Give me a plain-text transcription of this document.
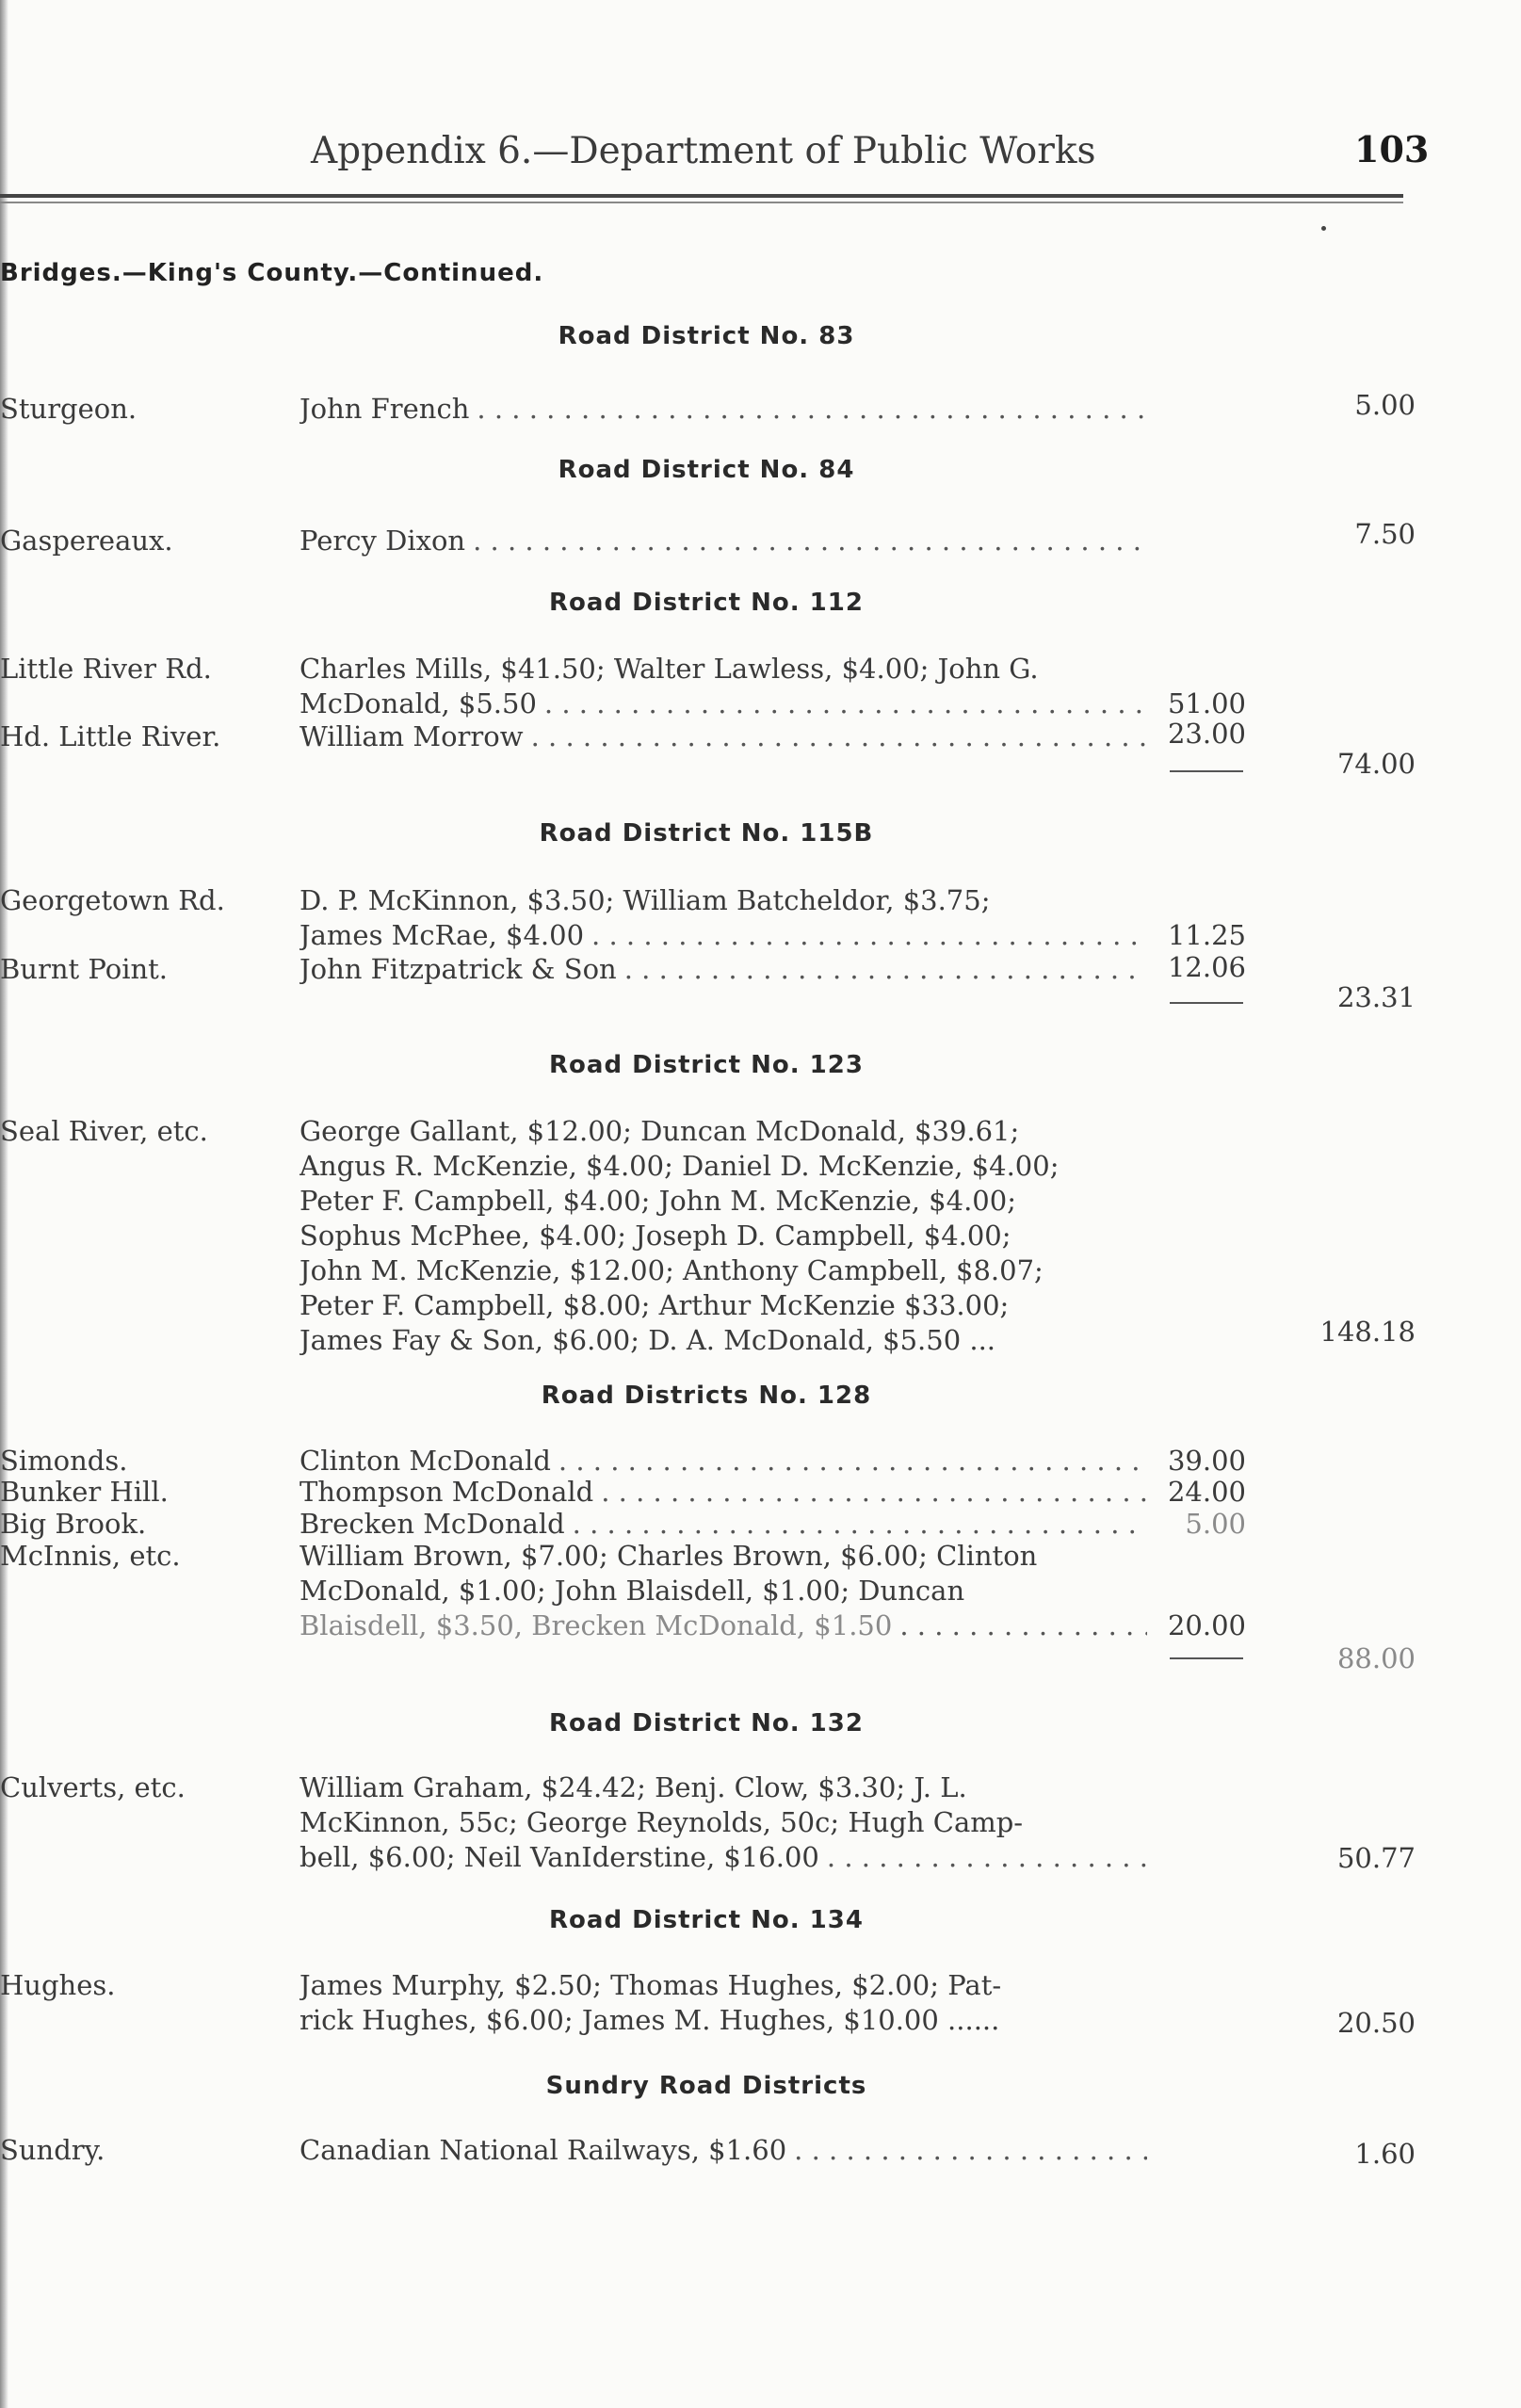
Appendix 6.—Department of Public Works	103
Bridges.—King's County.—Continued.
Road District No. 83
Sturgeon.	John French . . .	5.00
Road District No. 84
Gaspereaux.	Percy Dixon . . .	7.50
Road District No. 112
Little River Rd.	Charles Mills, $41.50; Walter Lawless, $4.00; John G.
McDonald, $5.50 . . .	51.00
Hd. Little River.	William Morrow . . .	23.00
74.00
Road District No. 115B
Georgetown Rd.	D. P. McKinnon, $3.50; William Batcheldor, $3.75;
James McRae, $4.00 . . .	11.25
Burnt Point.	John Fitzpatrick & Son . . .	12.06
23.31
Road District No. 123
Seal River, etc.	George Gallant, $12.00; Duncan McDonald, $39.61;
Angus R. McKenzie, $4.00; Daniel D. McKenzie, $4.00;
Peter F. Campbell, $4.00; John M. McKenzie, $4.00;
Sophus McPhee, $4.00; Joseph D. Campbell, $4.00;
John M. McKenzie, $12.00; Anthony Campbell, $8.07;
Peter F. Campbell, $8.00; Arthur McKenzie $33.00;
James Fay & Son, $6.00; D. A. McDonald, $5.50 ...	148.18
Road Districts No. 128
Simonds.	Clinton McDonald . . .	39.00
Bunker Hill.	Thompson McDonald . . .	24.00
Big Brook.	Brecken McDonald . . .	5.00
McInnis, etc.	William Brown, $7.00; Charles Brown, $6.00; Clinton
McDonald, $1.00; John Blaisdell, $1.00; Duncan
Blaisdell, $3.50, Brecken McDonald, $1.50 . . .	20.00
88.00
Road District No. 132
Culverts, etc.	William Graham, $24.42; Benj. Clow, $3.30; J. L.
McKinnon, 55c; George Reynolds, 50c; Hugh Camp-
bell, $6.00; Neil VanIderstine, $16.00 . . .	50.77
Road District No. 134
Hughes.	James Murphy, $2.50; Thomas Hughes, $2.00; Pat-
rick Hughes, $6.00; James M. Hughes, $10.00 ......	20.50
Sundry Road Districts
Sundry.	Canadian National Railways, $1.60 . . .	1.60
